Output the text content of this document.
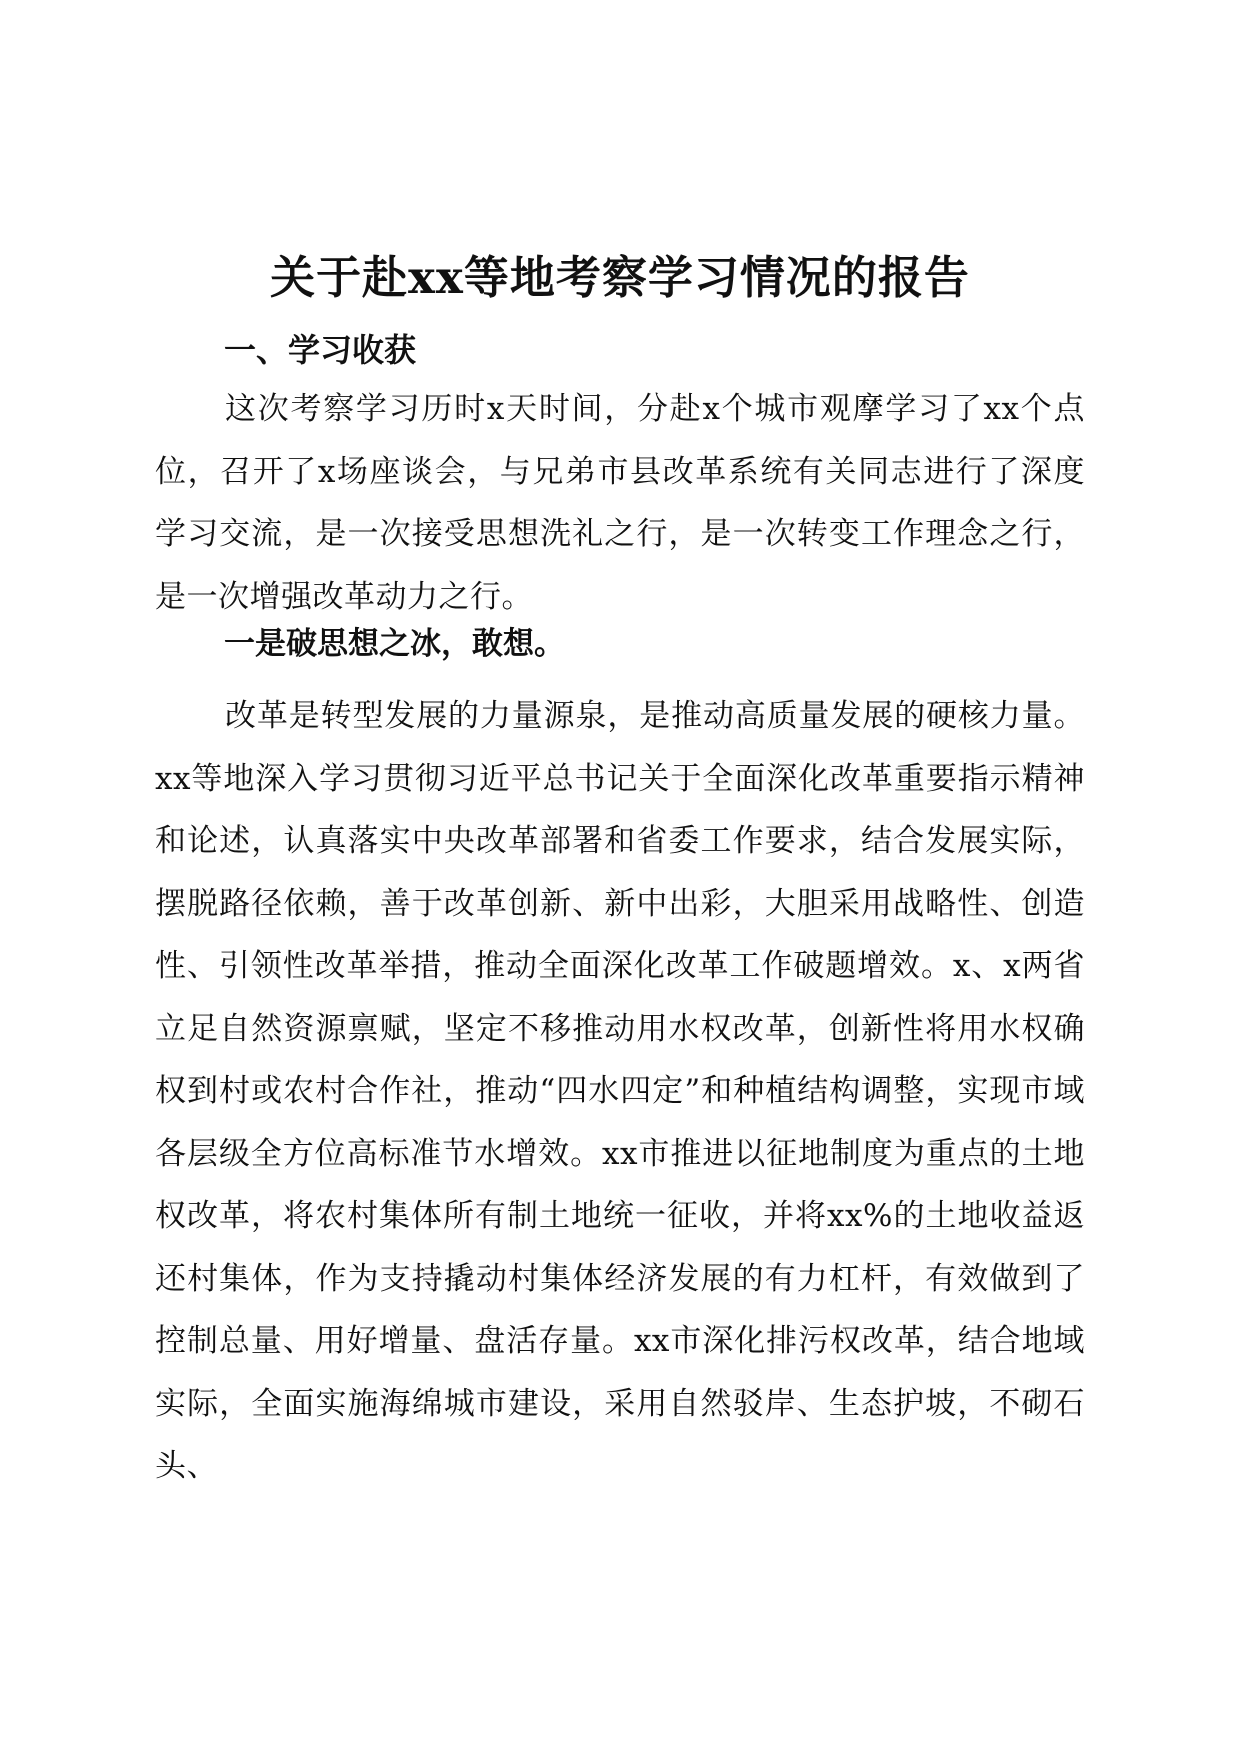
关于赴xx等地考察学习情况的报告
一、学习收获

这次考察学习历时x天时间，分赴x个城市观摩学习了xx个点位，召开了x场座谈会，与兄弟市县改革系统有关同志进行了深度学习交流，是一次接受思想洗礼之行，是一次转变工作理念之行，是一次增强改革动力之行。

一是破思想之冰，敢想。

改革是转型发展的力量源泉，是推动高质量发展的硬核力量。xx等地深入学习贯彻习近平总书记关于全面深化改革重要指示精神和论述，认真落实中央改革部署和省委工作要求，结合发展实际，摆脱路径依赖，善于改革创新、新中出彩，大胆采用战略性、创造性、引领性改革举措，推动全面深化改革工作破题增效。x、x两省立足自然资源禀赋，坚定不移推动用水权改革，创新性将用水权确权到村或农村合作社，推动“四水四定”和种植结构调整，实现市域各层级全方位高标准节水增效。xx市推进以征地制度为重点的土地权改革，将农村集体所有制土地统一征收，并将xx%的土地收益返还村集体，作为支持撬动村集体经济发展的有力杠杆，有效做到了控制总量、用好增量、盘活存量。xx市深化排污权改革，结合地域实际，全面实施海绵城市建设，采用自然驳岸、生态护坡，不砌石头、
